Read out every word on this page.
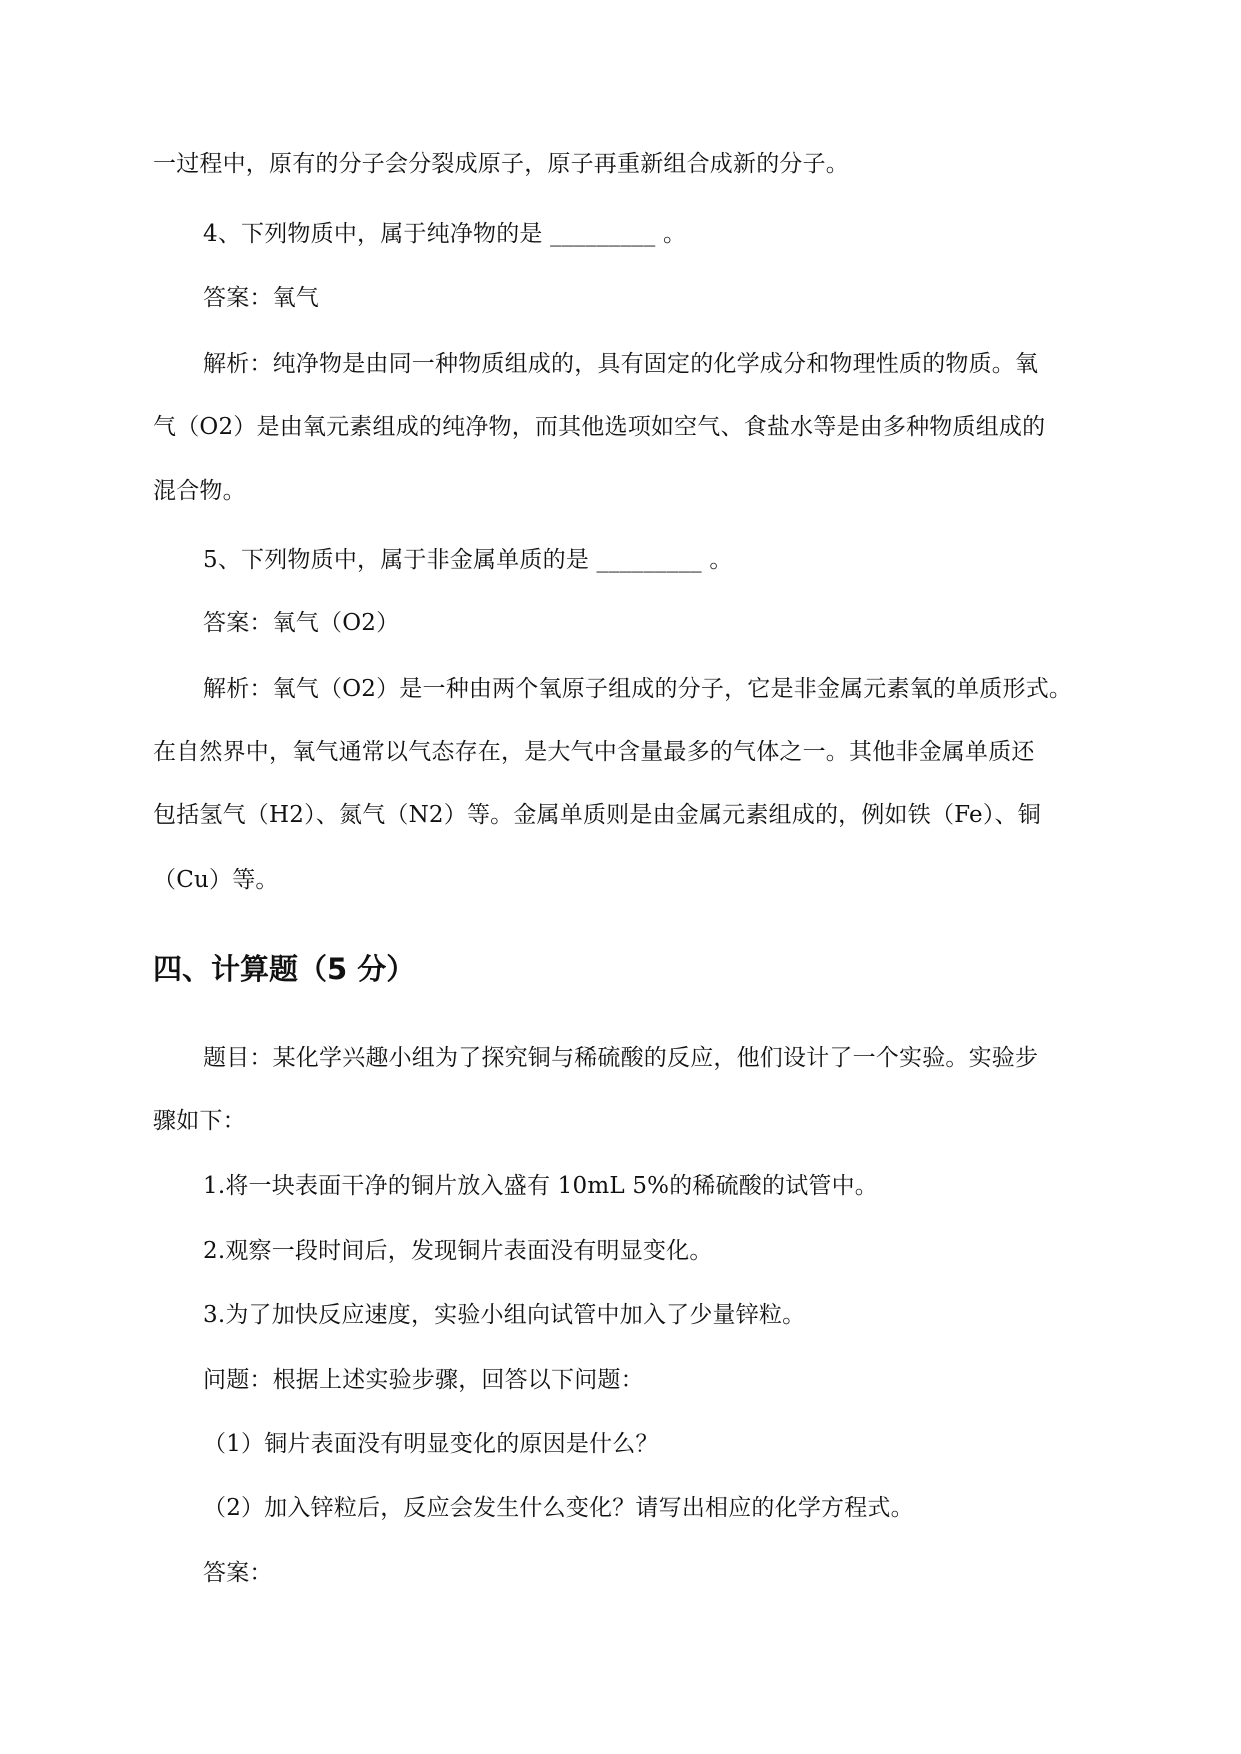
一过程中，原有的分子会分裂成原子，原子再重新组合成新的分子。
4、下列物质中，属于纯净物的是 _________ 。
答案：氧气
解析：纯净物是由同一种物质组成的，具有固定的化学成分和物理性质的物质。氧
气（O2）是由氧元素组成的纯净物，而其他选项如空气、食盐水等是由多种物质组成的
混合物。
5、下列物质中，属于非金属单质的是 _________ 。
答案：氧气（O2）
解析：氧气（O2）是一种由两个氧原子组成的分子，它是非金属元素氧的单质形式。
在自然界中，氧气通常以气态存在，是大气中含量最多的气体之一。其他非金属单质还
包括氢气（H2）、氮气（N2）等。金属单质则是由金属元素组成的，例如铁（Fe）、铜
（Cu）等。
四、计算题（5 分）
题目：某化学兴趣小组为了探究铜与稀硫酸的反应，他们设计了一个实验。实验步
骤如下：
1.将一块表面干净的铜片放入盛有 10mL 5%的稀硫酸的试管中。
2.观察一段时间后，发现铜片表面没有明显变化。
3.为了加快反应速度，实验小组向试管中加入了少量锌粒。
问题：根据上述实验步骤，回答以下问题：
（1）铜片表面没有明显变化的原因是什么？
（2）加入锌粒后，反应会发生什么变化？请写出相应的化学方程式。
答案：
